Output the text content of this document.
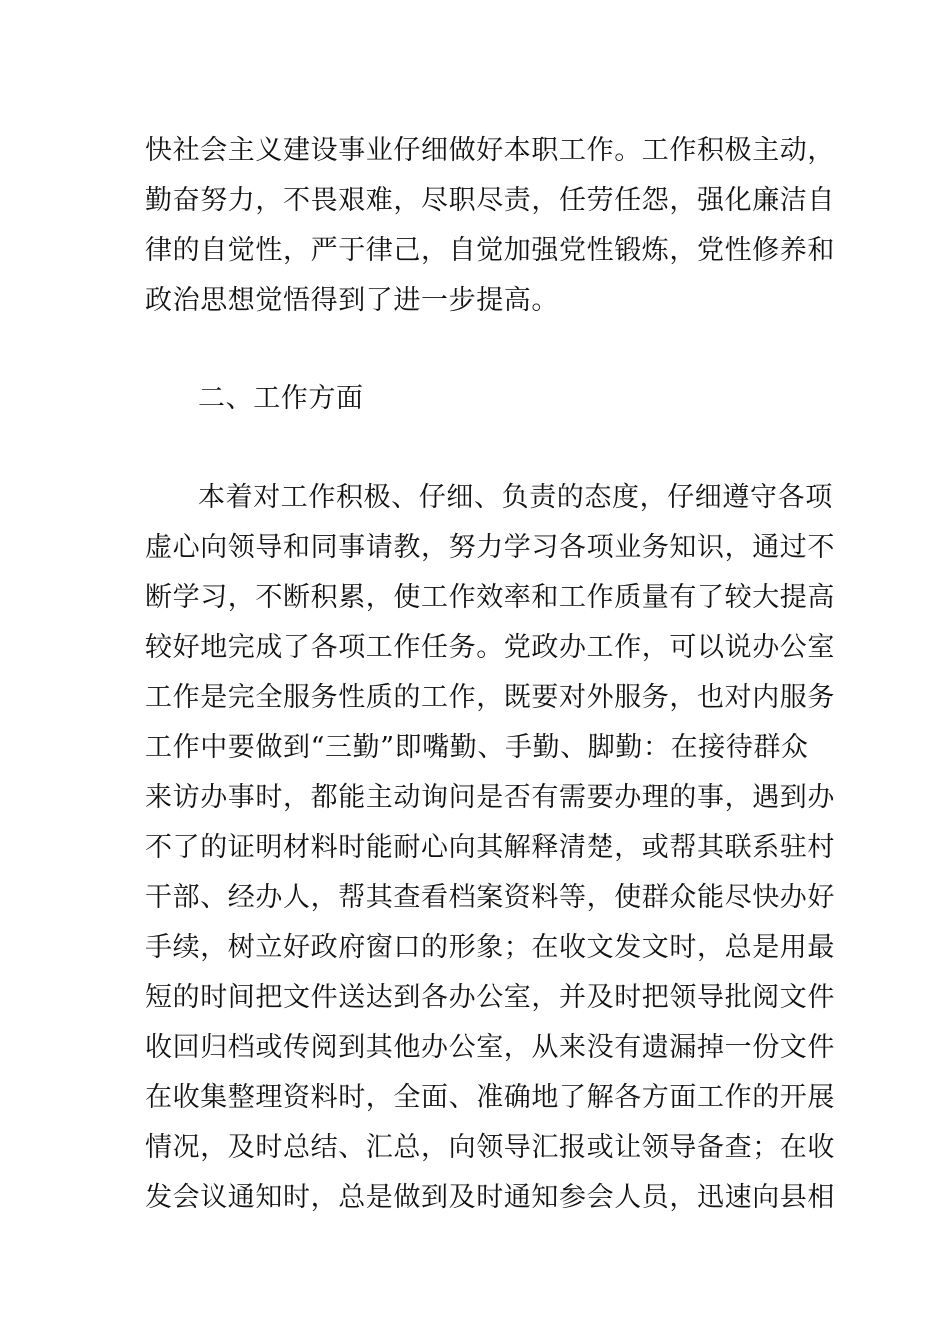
快社会主义建设事业仔细做好本职工作。工作积极主动，
勤奋努力，不畏艰难，尽职尽责，任劳任怨，强化廉洁自
律的自觉性，严于律己，自觉加强党性锻炼，党性修养和
政治思想觉悟得到了进一步提高。
二、工作方面
本着对工作积极、仔细、负责的态度，仔细遵守各项
虚心向领导和同事请教，努力学习各项业务知识，通过不
断学习，不断积累，使工作效率和工作质量有了较大提高
较好地完成了各项工作任务。党政办工作，可以说办公室
工作是完全服务性质的工作，既要对外服务，也对内服务
工作中要做到“三勤”即嘴勤、手勤、脚勤：在接待群众
来访办事时，都能主动询问是否有需要办理的事，遇到办
不了的证明材料时能耐心向其解释清楚，或帮其联系驻村
干部、经办人，帮其查看档案资料等，使群众能尽快办好
手续，树立好政府窗口的形象；在收文发文时，总是用最
短的时间把文件送达到各办公室，并及时把领导批阅文件
收回归档或传阅到其他办公室，从来没有遗漏掉一份文件
在收集整理资料时，全面、准确地了解各方面工作的开展
情况，及时总结、汇总，向领导汇报或让领导备查；在收
发会议通知时，总是做到及时通知参会人员，迅速向县相
